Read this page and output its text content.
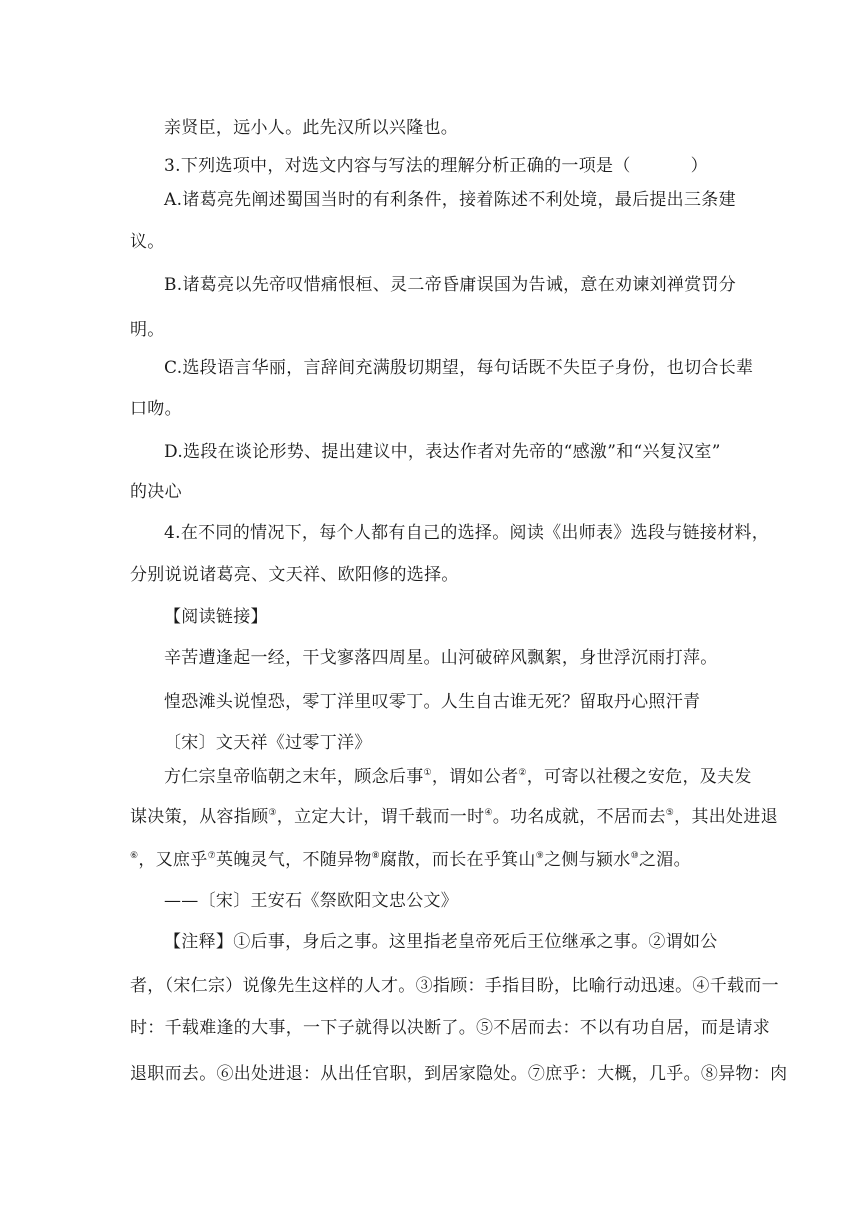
亲贤臣，远小人。此先汉所以兴隆也。
3.下列选项中，对选文内容与写法的理解分析正确的一项是（	）
A.诸葛亮先阐述蜀国当时的有利条件，接着陈述不利处境，最后提出三条建
议。
B.诸葛亮以先帝叹惜痛恨桓、灵二帝昏庸误国为告诫，意在劝谏刘禅赏罚分
明。
C.选段语言华丽，言辞间充满殷切期望，每句话既不失臣子身份，也切合长辈
口吻。
D.选段在谈论形势、提出建议中，表达作者对先帝的“感激”和“兴复汉室”
的决心
4.在不同的情况下，每个人都有自己的选择。阅读《出师表》选段与链接材料，
分别说说诸葛亮、文天祥、欧阳修的选择。
【阅读链接】
辛苦遭逢起一经，干戈寥落四周星。山河破碎风飘絮，身世浮沉雨打萍。
惶恐滩头说惶恐，零丁洋里叹零丁。人生自古谁无死？留取丹心照汗青
〔宋〕文天祥《过零丁洋》
方仁宗皇帝临朝之末年，顾念后事①，谓如公者②，可寄以社稷之安危，及夫发
谋决策，从容指顾③，立定大计，谓千载而一时④。功名成就，不居而去⑤，其出处进退
⑥，又庶乎⑦英魄灵气，不随异物⑧腐散，而长在乎箕山⑨之侧与颍水⑩之湄。
——〔宋〕王安石《祭欧阳文忠公文》
【注释】①后事，身后之事。这里指老皇帝死后王位继承之事。②谓如公
者，（宋仁宗）说像先生这样的人才。③指顾：手指目盼，比喻行动迅速。④千载而一
时：千载难逢的大事，一下子就得以决断了。⑤不居而去：不以有功自居，而是请求
退职而去。⑥出处进退：从出任官职，到居家隐处。⑦庶乎：大概，几乎。⑧异物：肉
